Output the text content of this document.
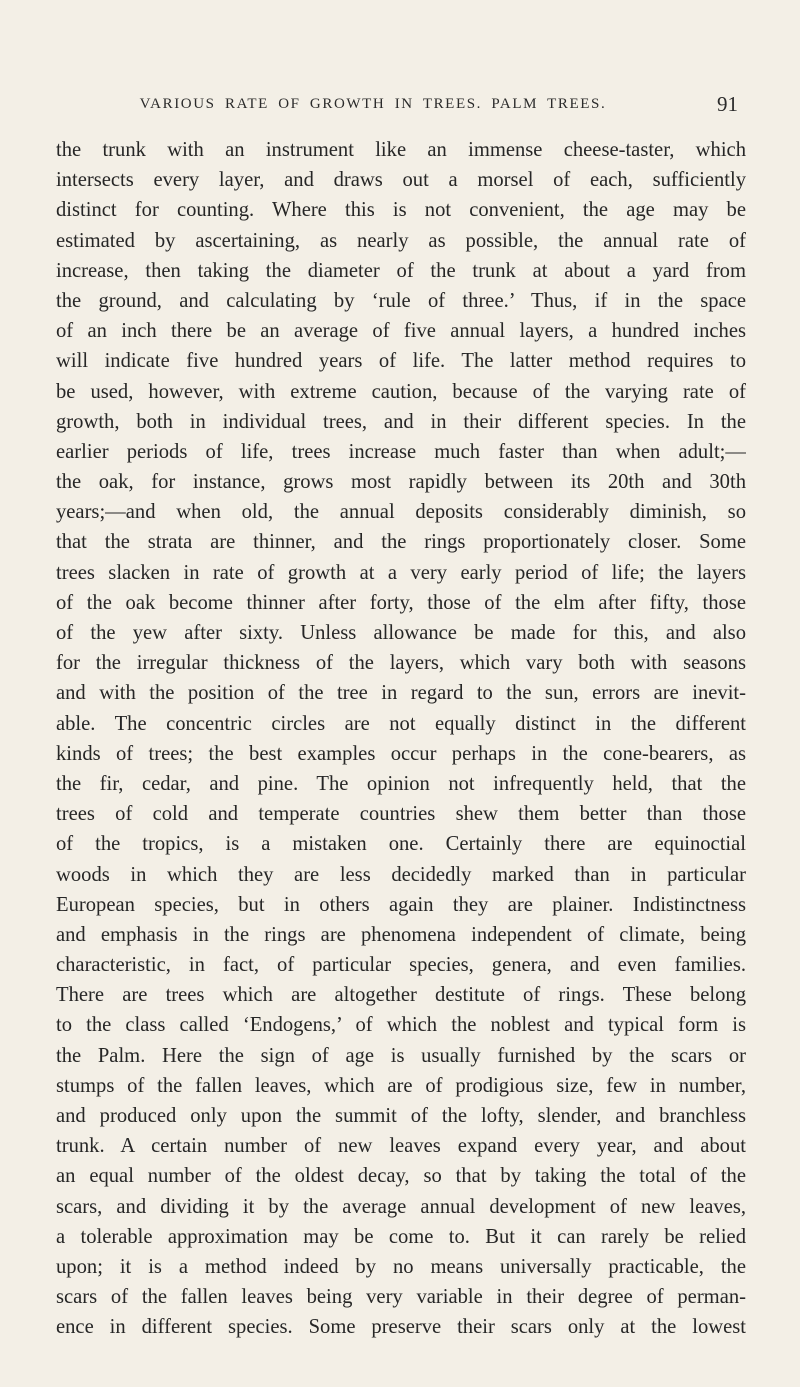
VARIOUS RATE OF GROWTH IN TREES. PALM TREES.	91
the trunk with an instrument like an immense cheese-taster, which
intersects every layer, and draws out a morsel of each, sufficiently
distinct for counting. Where this is not convenient, the age may be
estimated by ascertaining, as nearly as possible, the annual rate of
increase, then taking the diameter of the trunk at about a yard from
the ground, and calculating by ‘rule of three.’ Thus, if in the space
of an inch there be an average of five annual layers, a hundred inches
will indicate five hundred years of life. The latter method requires to
be used, however, with extreme caution, because of the varying rate of
growth, both in individual trees, and in their different species. In the
earlier periods of life, trees increase much faster than when adult;—
the oak, for instance, grows most rapidly between its 20th and 30th
years;—and when old, the annual deposits considerably diminish, so
that the strata are thinner, and the rings proportionately closer. Some
trees slacken in rate of growth at a very early period of life; the layers
of the oak become thinner after forty, those of the elm after fifty, those
of the yew after sixty. Unless allowance be made for this, and also
for the irregular thickness of the layers, which vary both with seasons
and with the position of the tree in regard to the sun, errors are inevit-
able. The concentric circles are not equally distinct in the different
kinds of trees; the best examples occur perhaps in the cone-bearers, as
the fir, cedar, and pine. The opinion not infrequently held, that the
trees of cold and temperate countries shew them better than those
of the tropics, is a mistaken one. Certainly there are equinoctial
woods in which they are less decidedly marked than in particular
European species, but in others again they are plainer. Indistinctness
and emphasis in the rings are phenomena independent of climate, being
characteristic, in fact, of particular species, genera, and even families.
There are trees which are altogether destitute of rings. These belong
to the class called ‘Endogens,’ of which the noblest and typical form is
the Palm. Here the sign of age is usually furnished by the scars or
stumps of the fallen leaves, which are of prodigious size, few in number,
and produced only upon the summit of the lofty, slender, and branchless
trunk. A certain number of new leaves expand every year, and about
an equal number of the oldest decay, so that by taking the total of the
scars, and dividing it by the average annual development of new leaves,
a tolerable approximation may be come to. But it can rarely be relied
upon; it is a method indeed by no means universally practicable, the
scars of the fallen leaves being very variable in their degree of perman-
ence in different species. Some preserve their scars only at the lowest
